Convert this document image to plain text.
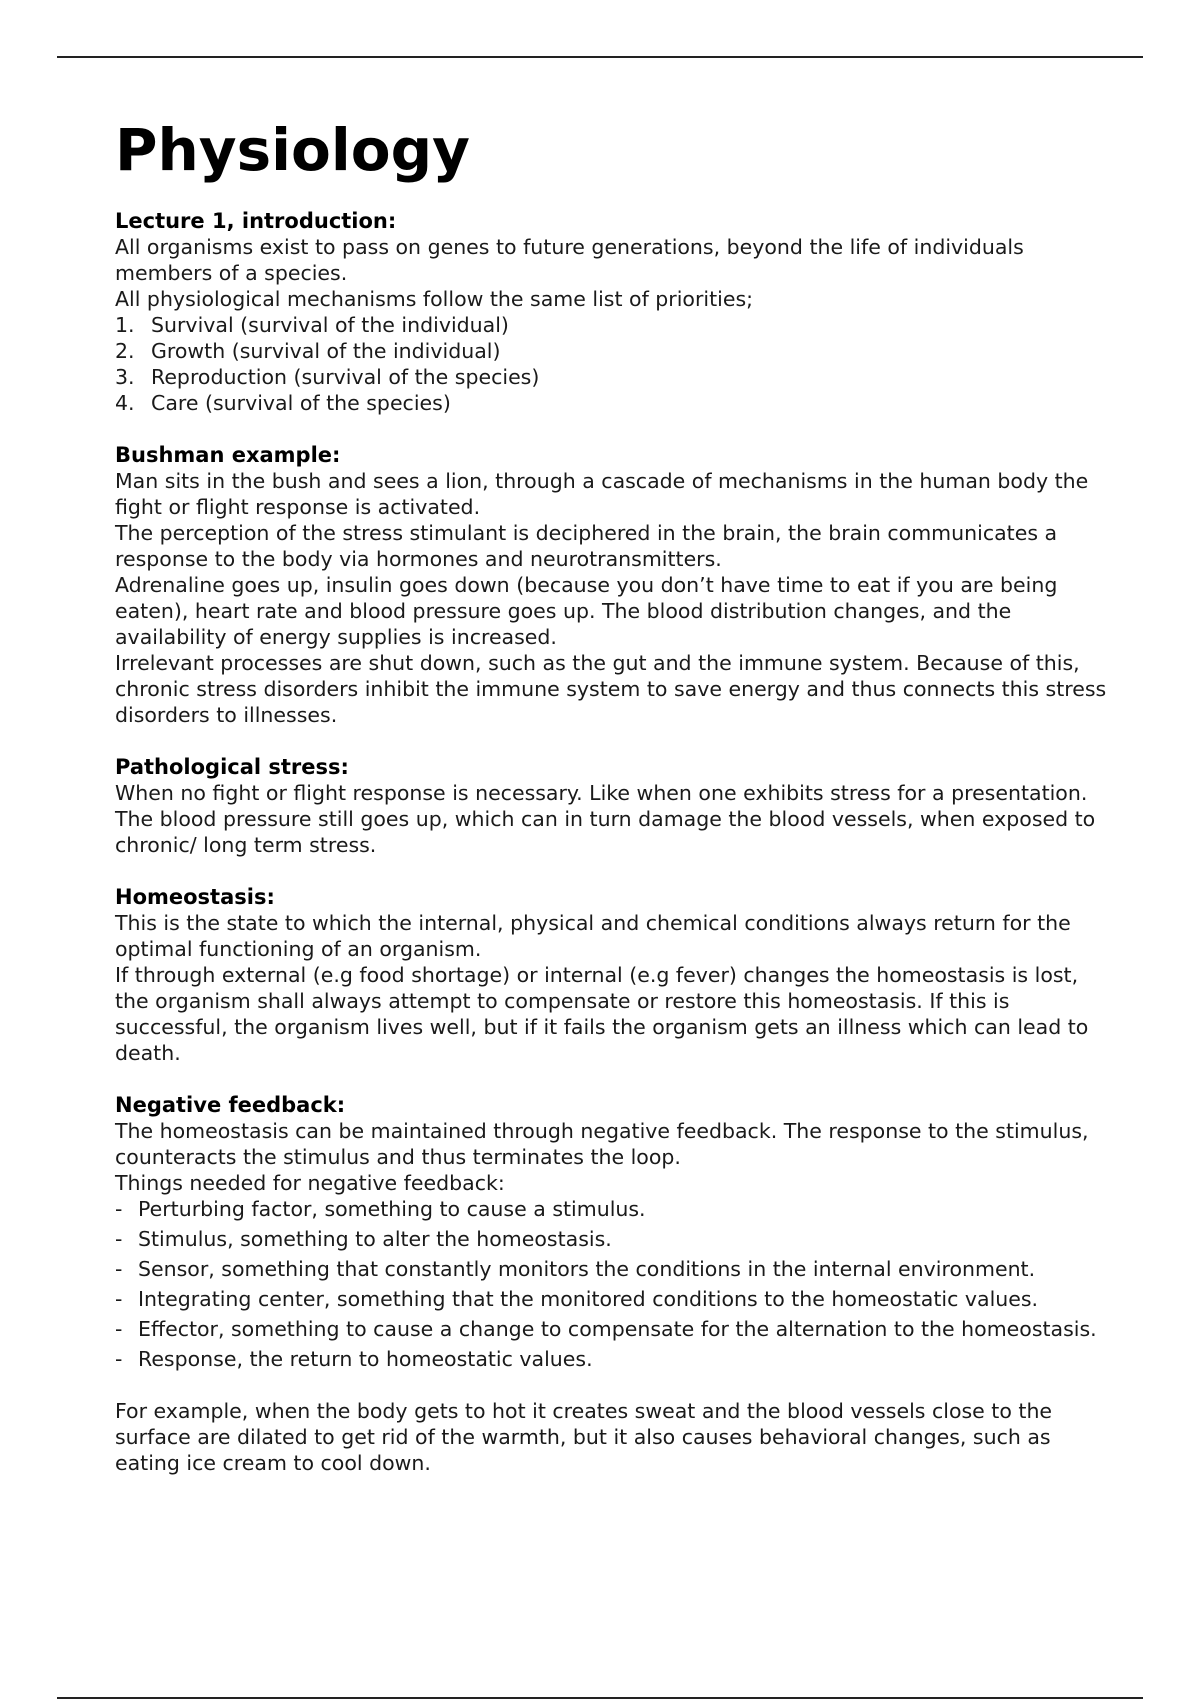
Physiology
Lecture 1, introduction:

All organisms exist to pass on genes to future generations, beyond the life of individuals members of a species.

All physiological mechanisms follow the same list of priorities;

1. Survival (survival of the individual)
2. Growth (survival of the individual)
3. Reproduction (survival of the species)
4. Care (survival of the species)
Bushman example:

Man sits in the bush and sees a lion, through a cascade of mechanisms in the human body the fight or flight response is activated.

The perception of the stress stimulant is deciphered in the brain, the brain communicates a response to the body via hormones and neurotransmitters.

Adrenaline goes up, insulin goes down (because you don’t have time to eat if you are being eaten), heart rate and blood pressure goes up. The blood distribution changes, and the availability of energy supplies is increased.

Irrelevant processes are shut down, such as the gut and the immune system. Because of this, chronic stress disorders inhibit the immune system to save energy and thus connects this stress disorders to illnesses.

Pathological stress:

When no fight or flight response is necessary. Like when one exhibits stress for a presentation. The blood pressure still goes up, which can in turn damage the blood vessels, when exposed to chronic/ long term stress.

Homeostasis:

This is the state to which the internal, physical and chemical conditions always return for the optimal functioning of an organism.

If through external (e.g food shortage) or internal (e.g fever) changes the homeostasis is lost, the organism shall always attempt to compensate or restore this homeostasis. If this is successful, the organism lives well, but if it fails the organism gets an illness which can lead to death.

Negative feedback:

The homeostasis can be maintained through negative feedback. The response to the stimulus, counteracts the stimulus and thus terminates the loop.

Things needed for negative feedback:

- Perturbing factor, something to cause a stimulus.
- Stimulus, something to alter the homeostasis.
- Sensor, something that constantly monitors the conditions in the internal environment.
- Integrating center, something that the monitored conditions to the homeostatic values.
- Effector, something to cause a change to compensate for the alternation to the homeostasis.
- Response, the return to homeostatic values.

For example, when the body gets to hot it creates sweat and the blood vessels close to the surface are dilated to get rid of the warmth, but it also causes behavioral changes, such as eating ice cream to cool down.
